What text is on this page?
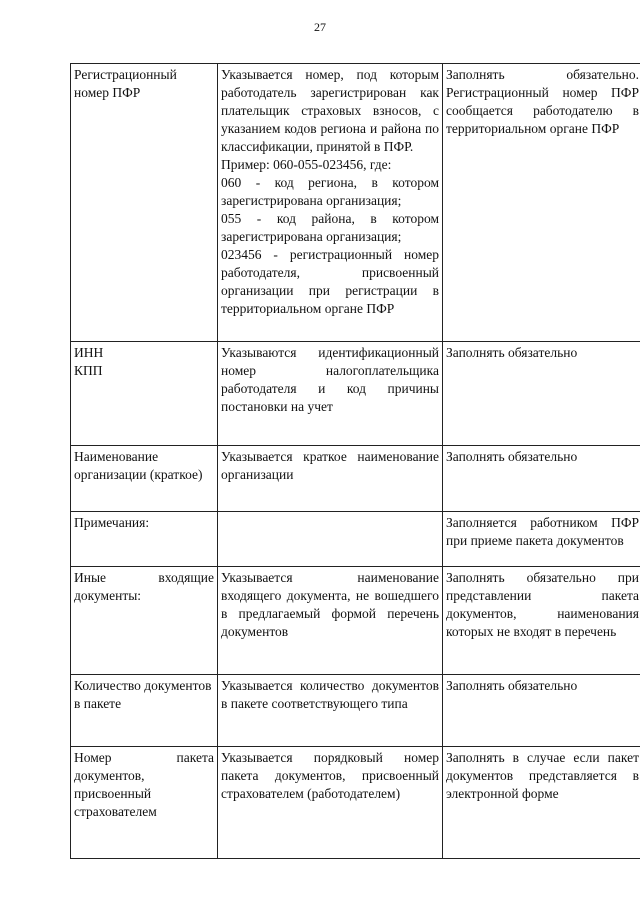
27
Регистрационный номер ПФР	Указывается номер, под которым работодатель зарегистрирован как плательщик страховых взносов, с указанием кодов региона и района по классификации, принятой в ПФР.
Пример: 060-055-023456, где:
060 - код региона, в котором зарегистрирована организация;
055 - код района, в котором зарегистрирована организация;
023456 - регистрационный номер работодателя, присвоенный организации при регистрации в территориальном органе ПФР	Заполнять обязательно. Регистрационный номер ПФР сообщается работодателю в территориальном органе ПФР

ИНН
КПП	Указываются идентификационный номер налогоплательщика работодателя и код причины постановки на учет	Заполнять обязательно
Наименование организации (краткое)	Указывается краткое наименование организации	Заполнять обязательно
Примечания:		Заполняется работником ПФР при приеме пакета документов
Иные входящие документы:	Указывается наименование входящего документа, не вошедшего в предлагаемый формой перечень документов	Заполнять обязательно при представлении пакета документов, наименования которых не входят в перечень
Количество документов в пакете	Указывается количество документов в пакете соответствующего типа	Заполнять обязательно
Номер пакета документов, присвоенный страхователем	Указывается порядковый номер пакета документов, присвоенный страхователем (работодателем)	Заполнять в случае если пакет документов представляется в электронной форме
